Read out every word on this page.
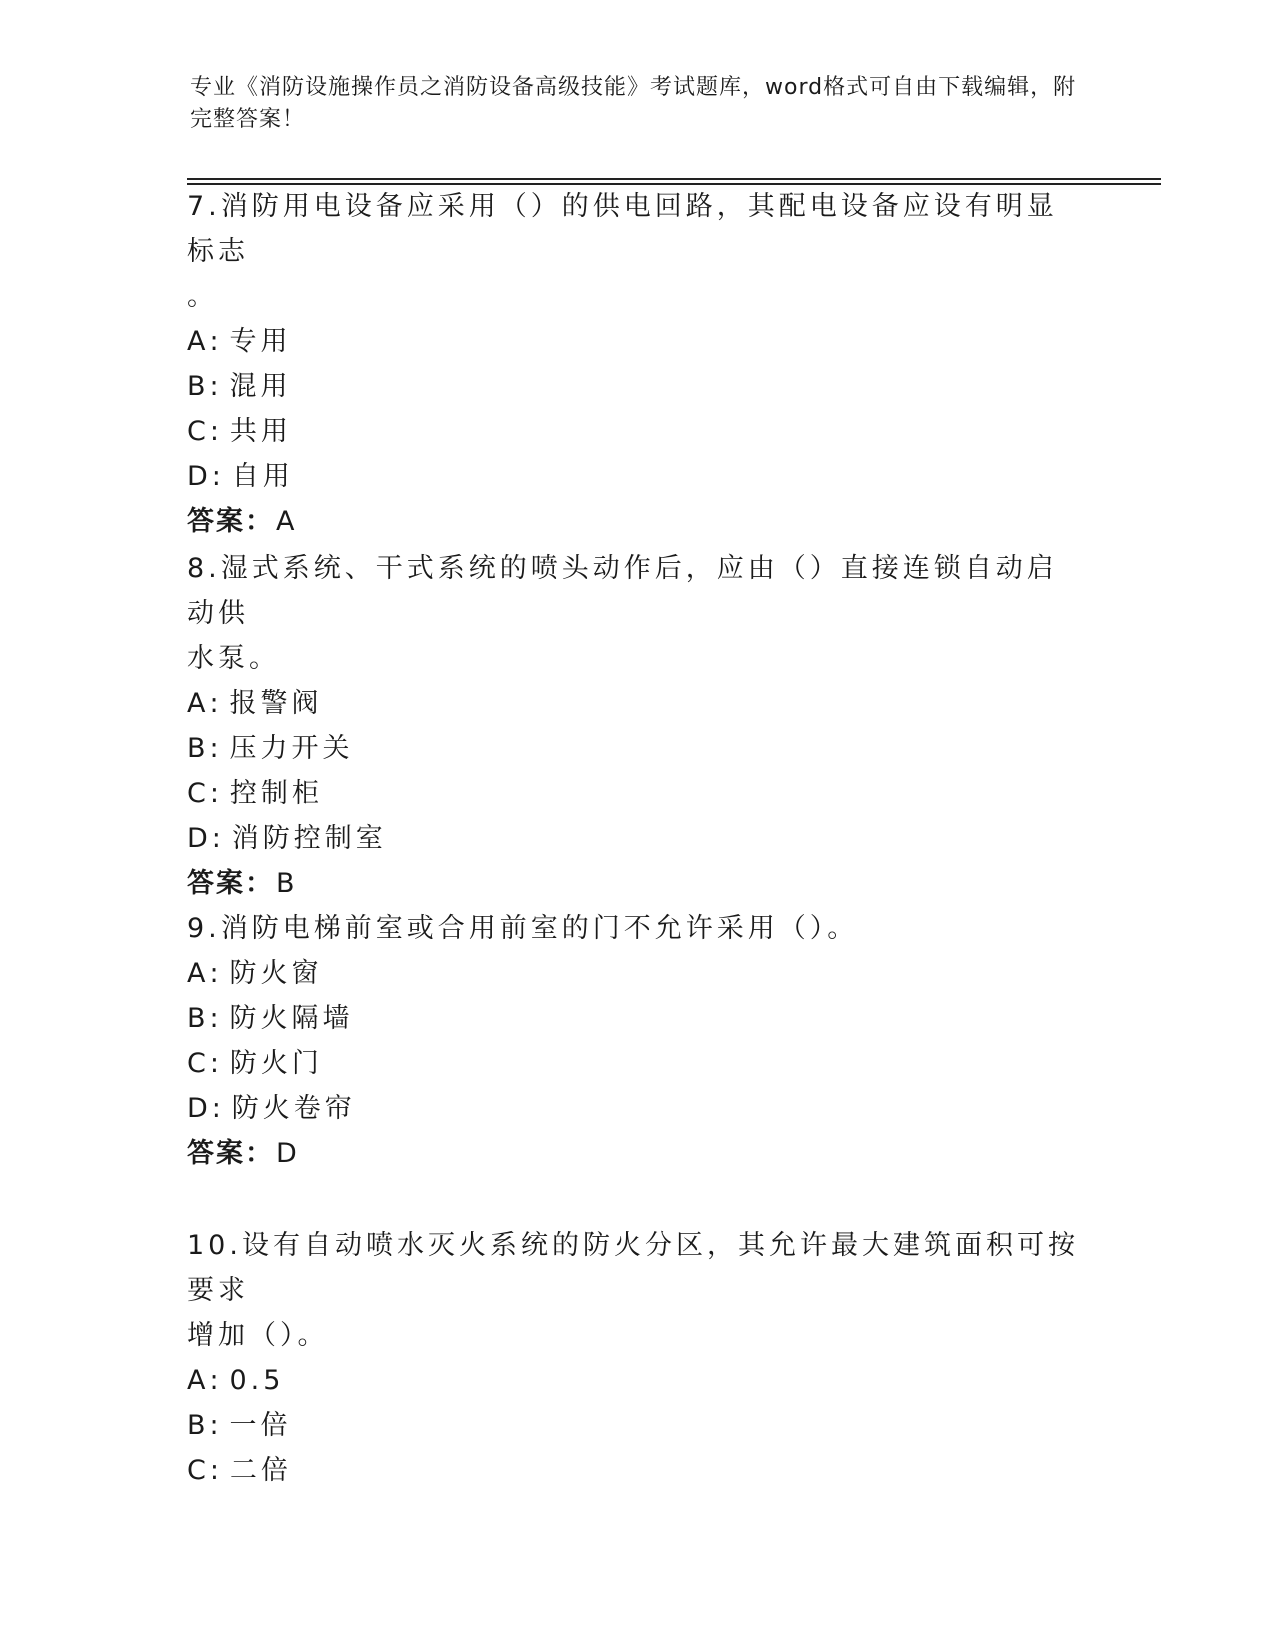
专业《消防设施操作员之消防设备高级技能》考试题库，word格式可自由下载编辑，附完整答案！

7.消防用电设备应采用（）的供电回路，其配电设备应设有明显标志

。

A : 专用

B : 混用

C : 共用

D : 自用

答案：A

8.湿式系统、干式系统的喷头动作后，应由（）直接连锁自动启动供

水泵。

A : 报警阀

B : 压力开关

C : 控制柜

D : 消防控制室

答案：B

9.消防电梯前室或合用前室的门不允许采用（）。

A : 防火窗

B : 防火隔墙

C : 防火门

D : 防火卷帘

答案：D

10.设有自动喷水灭火系统的防火分区，其允许最大建筑面积可按要求

增加（）。

A : 0.5

B : 一倍

C : 二倍
